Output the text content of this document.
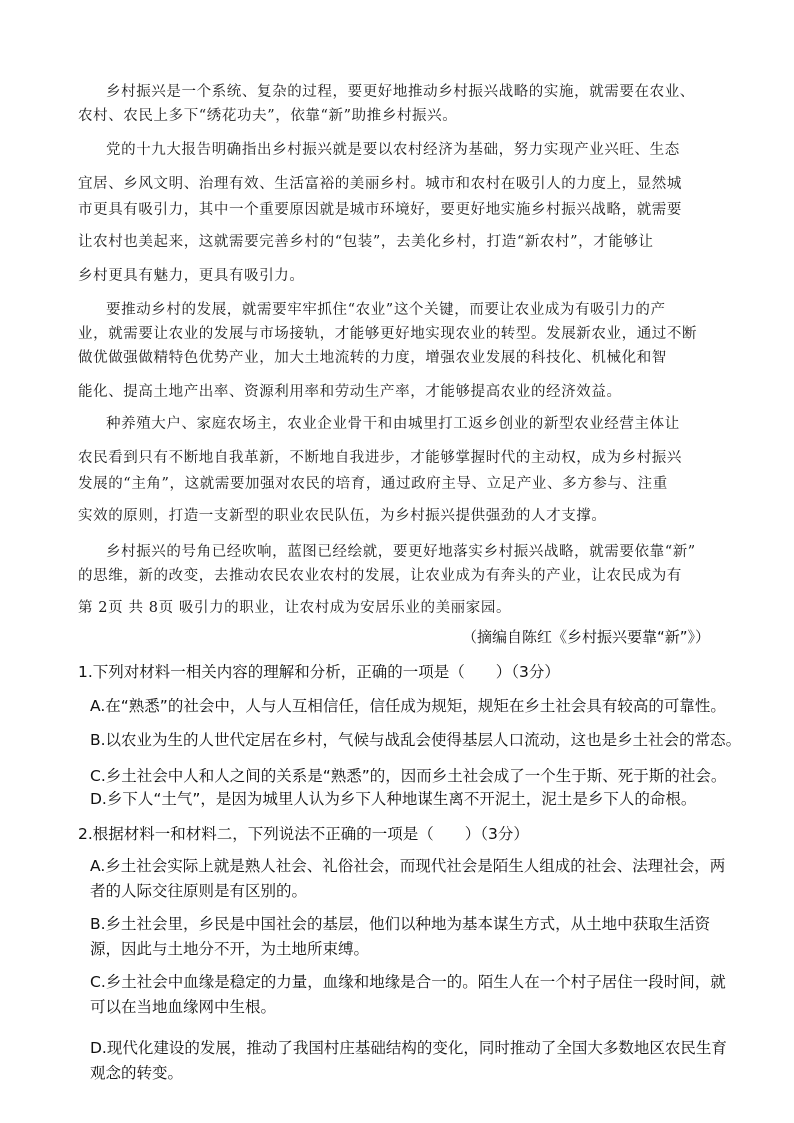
乡村振兴是一个系统、复杂的过程，要更好地推动乡村振兴战略的实施，就需要在农业、
农村、农民上多下“绣花功夫”，依靠“新”助推乡村振兴。
党的十九大报告明确指出乡村振兴就是要以农村经济为基础，努力实现产业兴旺、生态
宜居、乡风文明、治理有效、生活富裕的美丽乡村。城市和农村在吸引人的力度上，显然城
市更具有吸引力，其中一个重要原因就是城市环境好，要更好地实施乡村振兴战略，就需要
让农村也美起来，这就需要完善乡村的“包装”，去美化乡村，打造“新农村”，才能够让
乡村更具有魅力，更具有吸引力。
要推动乡村的发展，就需要牢牢抓住“农业”这个关键，而要让农业成为有吸引力的产
业，就需要让农业的发展与市场接轨，才能够更好地实现农业的转型。发展新农业，通过不断
做优做强做精特色优势产业，加大土地流转的力度，增强农业发展的科技化、机械化和智
能化、提高土地产出率、资源利用率和劳动生产率，才能够提高农业的经济效益。
种养殖大户、家庭农场主，农业企业骨干和由城里打工返乡创业的新型农业经营主体让
农民看到只有不断地自我革新，不断地自我进步，才能够掌握时代的主动权，成为乡村振兴
发展的“主角”，这就需要加强对农民的培育，通过政府主导、立足产业、多方参与、注重
实效的原则，打造一支新型的职业农民队伍，为乡村振兴提供强劲的人才支撑。
乡村振兴的号角已经吹响，蓝图已经绘就，要更好地落实乡村振兴战略，就需要依靠“新”
的思维，新的改变，去推动农民农业农村的发展，让农业成为有奔头的产业，让农民成为有
第 2页 共 8页 吸引力的职业，让农村成为安居乐业的美丽家园。
（摘编自陈红《乡村振兴要靠“新”》）
1.下列对材料一相关内容的理解和分析，正确的一项是（　　）（3分）
A.在“熟悉”的社会中，人与人互相信任，信任成为规矩，规矩在乡土社会具有较高的可靠性。
B.以农业为生的人世代定居在乡村，气候与战乱会使得基层人口流动，这也是乡土社会的常态。
C.乡土社会中人和人之间的关系是“熟悉”的，因而乡土社会成了一个生于斯、死于斯的社会。
D.乡下人“土气”，是因为城里人认为乡下人种地谋生离不开泥土，泥土是乡下人的命根。
2.根据材料一和材料二，下列说法不正确的一项是（　　）（3分）
A.乡土社会实际上就是熟人社会、礼俗社会，而现代社会是陌生人组成的社会、法理社会，两者的人际交往原则是有区别的。
B.乡土社会里，乡民是中国社会的基层，他们以种地为基本谋生方式，从土地中获取生活资源，因此与土地分不开，为土地所束缚。
C.乡土社会中血缘是稳定的力量，血缘和地缘是合一的。陌生人在一个村子居住一段时间，就可以在当地血缘网中生根。
D.现代化建设的发展，推动了我国村庄基础结构的变化，同时推动了全国大多数地区农民生育观念的转变。
